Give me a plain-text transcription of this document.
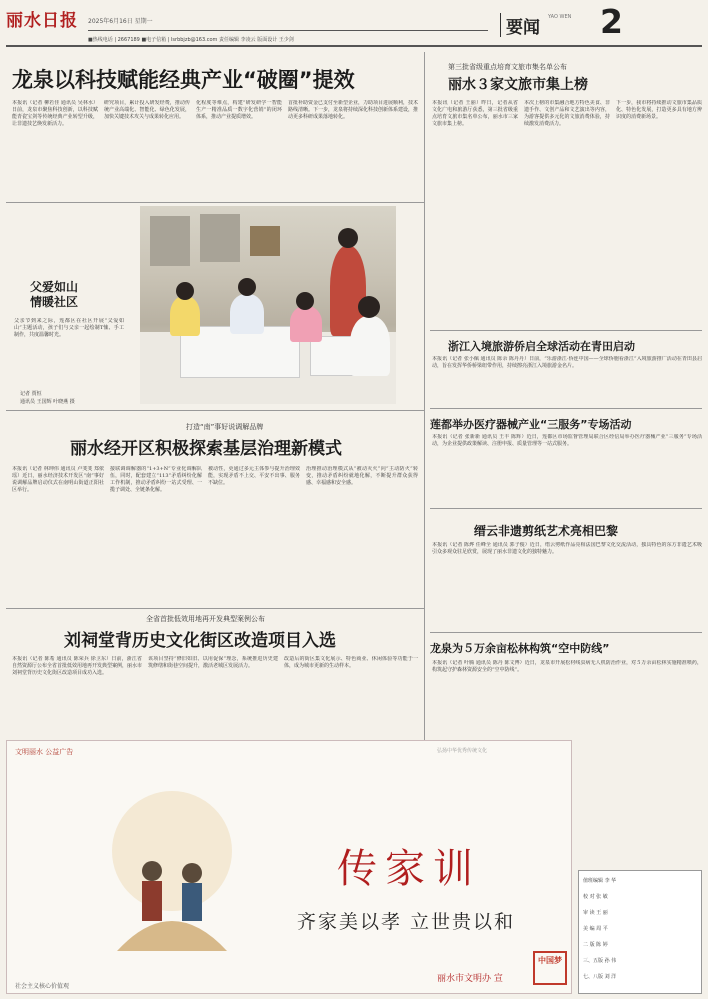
丽水日报 2025年6月16日 星期一
■热线电话 | 2667189 ■电子信箱 | lsrbbjzb@163.com 责任编辑 李凌云 版面设计 王少剑
要闻
YAO WEN 2
龙泉以科技赋能经典产业“破圈”提效
本报讯（记者 柳若佳 通讯员 吴林水）日前，龙泉市聚焦科技创新，以科技赋能青瓷宝剑等传统经典产业转型升级，让非遗技艺焕发新活力。
研究项目，累计投入研发经费，推动传统产业高端化、智能化、绿色化发展，加快关键技术攻关与成果转化应用。
化程度等难点，构建“研发研学一智能生产一精准品质一数字化营销”的闭环体系，推动产业提质增效。
首批补助资金已支付至新型企业，力助项目进展顺利，技术路线清晰。下一步，龙泉将持续深化科技创新体系建设，推动更多科研成果落地转化。
第三批省级重点培育文旅市集名单公布
丽水３家文旅市集上榜
本报讯（记者 王丽）昨日，记者从省文化广电和旅游厅获悉，第三批省级重点培育文旅市集名单公布，丽水市三家文旅市集上榜。
本次上榜的市集融合地方特色美食、非遗手作、文创产品和文艺演出等内容，为游客提供多元化的文旅消费体验，持续激发消费活力。
下一步，我市将持续推动文旅市集品质化、特色化发展，打造更多具有地方辨识度的消费新场景。
浙江入境旅游侨启全球活动在青田启动
本报讯（记者 张小佩 通讯员 陈余 陈丹丹）日前，“乐游浙江·侨连中国——全球侨胞看浙江”入境旅游推广活动在青田县启动，旨在发挥华侨桥梁纽带作用，持续擦亮浙江入境旅游金名片。
莲都举办医疗器械产业“三服务”专场活动
本报讯（记者 张新新 通讯员 王丰 陈辉）近日，莲都区市场监督管理局联合区经信局举办医疗器械产业“三服务”专场活动，为企业提供政策解读、注册申报、质量管理等一站式服务。
缙云非遗剪纸艺术亮相巴黎
本报讯（记者 陈烨 任峰全 通讯员 郭子俊）近日，缙云剪纸作品亮相法国巴黎文化交流活动，独具特色的东方非遗艺术吸引众多观众驻足欣赏，展现了丽水非遗文化的独特魅力。
龙泉为５万余亩松林构筑“空中防线”
本报讯（记者 叶腾 通讯员 陈丹 陈文博）近日，龙泉市开展松材线虫病无人机防治作业，对５万余亩松林实施精准喷药，构筑起守护森林资源安全的“空中防线”。
父爱如山
情暖社区
父亲节到来之际，莲都区在社区开展“父爱如山”主题活动，孩子们与父亲一起绘制T恤、手工制作，共度温馨时光。
记者 贾恒
通讯员 王国辉 叶晓燕 摄
打造“南”事好说调解品牌
丽水经开区积极探索基层治理新模式
本报讯（记者 林坤伟 通讯员 卢斐斐 郑依瑶）近日，丽水经济技术开发区“南”事好说调解品牌启动仪式在南明山街道正阳社区举行。
接联调调解器的“1+3+N”专业化调解队伍，同时，配套建立“113”矛盾纠纷化解工作机制，推动矛盾纠纷一站式受理、一揽子调处、全链条化解。
被动性，更通过多元主体参与提升治理效能，实现矛盾不上交、平安不出事、服务不缺位。
治理推动治理模式从“被动灭火”向“主动防火”转变，推动矛盾纠纷就地化解，不断提升群众获得感、幸福感和安全感。
全省首批低效用地再开发典型案例公布
刘祠堂背历史文化街区改造项目入选
本报讯（记者 陈希 通讯员 陈荣兵 徐卫东）日前，浙江省自然资源厅公布全省首批低效用地再开发典型案例，丽水市刘祠堂背历史文化街区改造项目成功入选。
该项目坚持“修旧如旧、以用促保”理念，系统推进历史建筑修缮和街巷空间提升，激活老城区发展活力。
改造后的街区集文化展示、特色商业、休闲体验等功能于一体，成为城市更新的生动样本。
文明丽水 公益广告	弘扬中华优秀传统文化
传家训
齐家美以孝 立世贵以和
丽水市文明办 宣
中国梦
社会主义核心价值观
值班编辑 李 华
校 对 张 敏
审 读 王 丽
美 编 周 平
二 版 陈 婷
三、五版 孙 伟
七、八版 刘 洋
